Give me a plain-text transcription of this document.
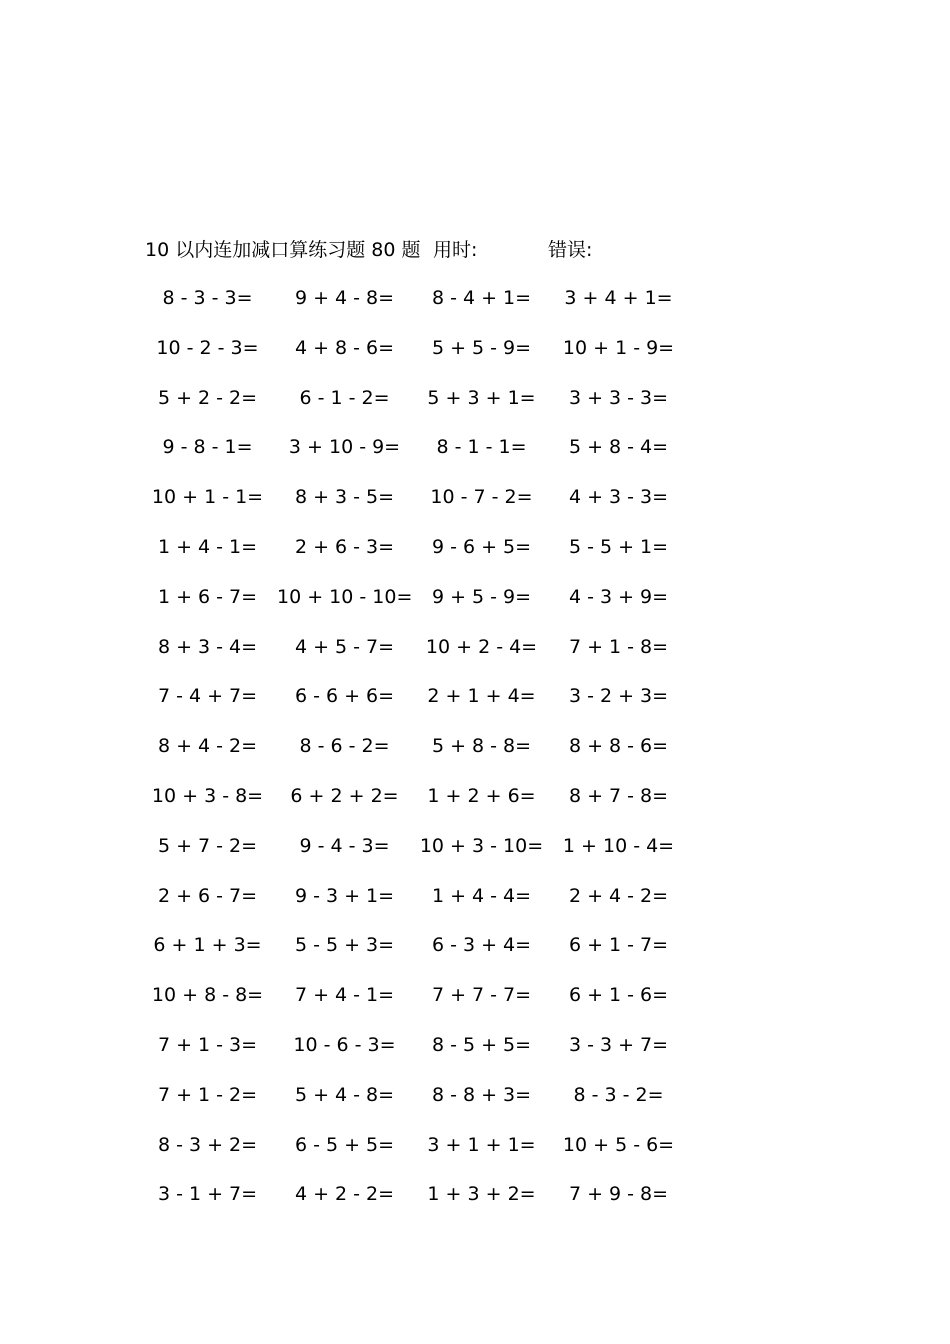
10 以内连加减口算练习题 80 题 用时:	错误:
8 - 3 - 3=	9 + 4 - 8=	8 - 4 + 1=	3 + 4 + 1=
10 - 2 - 3=	4 + 8 - 6=	5 + 5 - 9=	10 + 1 - 9=
5 + 2 - 2=	6 - 1 - 2=	5 + 3 + 1=	3 + 3 - 3=
9 - 8 - 1=	3 + 10 - 9=	8 - 1 - 1=	5 + 8 - 4=
10 + 1 - 1=	8 + 3 - 5=	10 - 7 - 2=	4 + 3 - 3=
1 + 4 - 1=	2 + 6 - 3=	9 - 6 + 5=	5 - 5 + 1=
1 + 6 - 7=	10 + 10 - 10=	9 + 5 - 9=	4 - 3 + 9=
8 + 3 - 4=	4 + 5 - 7=	10 + 2 - 4=	7 + 1 - 8=
7 - 4 + 7=	6 - 6 + 6=	2 + 1 + 4=	3 - 2 + 3=
8 + 4 - 2=	8 - 6 - 2=	5 + 8 - 8=	8 + 8 - 6=
10 + 3 - 8=	6 + 2 + 2=	1 + 2 + 6=	8 + 7 - 8=
5 + 7 - 2=	9 - 4 - 3=	10 + 3 - 10=	1 + 10 - 4=
2 + 6 - 7=	9 - 3 + 1=	1 + 4 - 4=	2 + 4 - 2=
6 + 1 + 3=	5 - 5 + 3=	6 - 3 + 4=	6 + 1 - 7=
10 + 8 - 8=	7 + 4 - 1=	7 + 7 - 7=	6 + 1 - 6=
7 + 1 - 3=	10 - 6 - 3=	8 - 5 + 5=	3 - 3 + 7=
7 + 1 - 2=	5 + 4 - 8=	8 - 8 + 3=	8 - 3 - 2=
8 - 3 + 2=	6 - 5 + 5=	3 + 1 + 1=	10 + 5 - 6=
3 - 1 + 7=	4 + 2 - 2=	1 + 3 + 2=	7 + 9 - 8=
